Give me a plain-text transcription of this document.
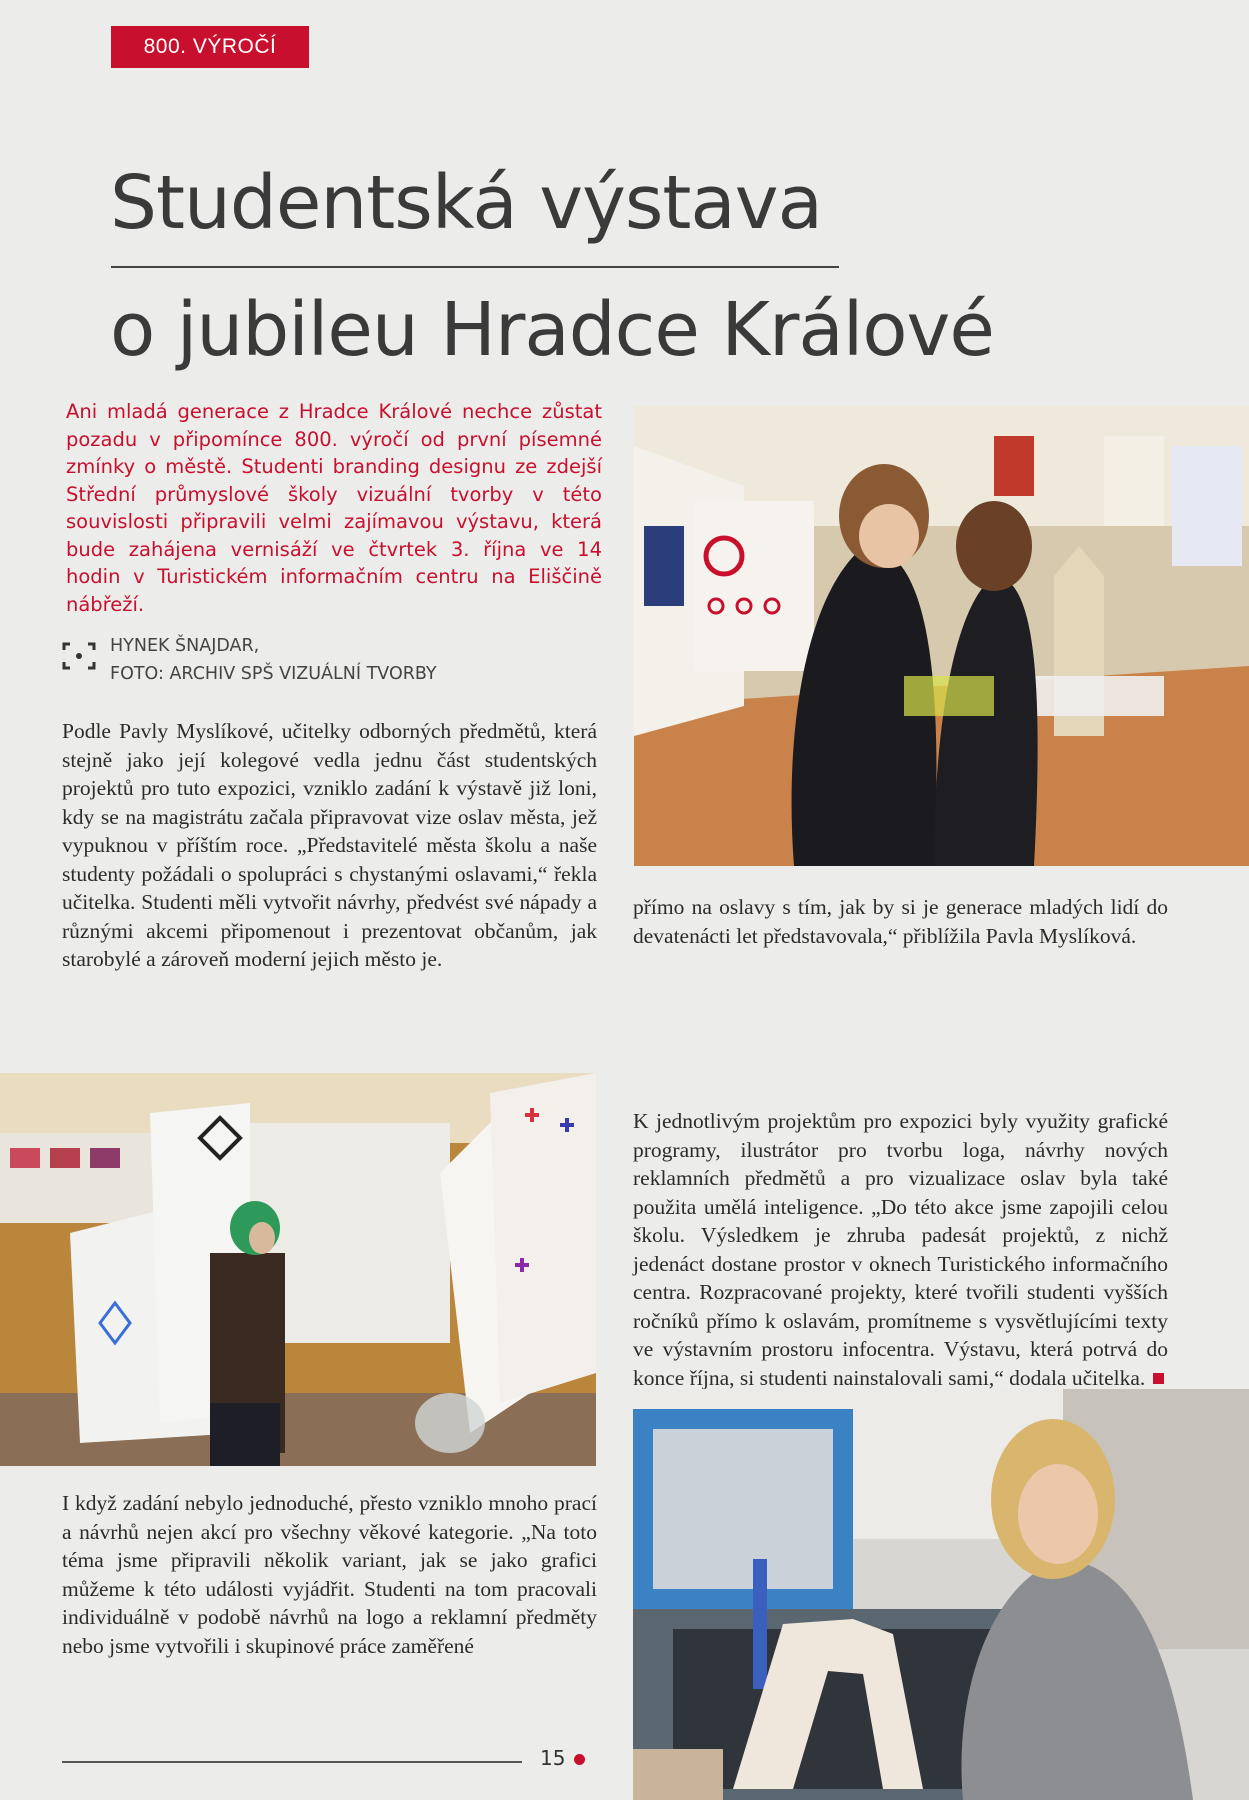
800. VÝROČÍ
Studentská výstava
o jubileu Hradce Králové

Ani mladá generace z Hradce Králové nechce zůstat pozadu v připomínce 800. výročí od první písemné zmínky o městě. Studenti branding designu ze zdejší Střední průmyslové školy vizuální tvorby v této souvislosti připravili velmi zajímavou výstavu, která bude zahájena vernisáží ve čtvrtek 3. října ve 14 hodin v Turistickém informačním centru na Eliščině nábřeží.

HYNEK ŠNAJDAR,
FOTO: ARCHIV SPŠ VIZUÁLNÍ TVORBY

Podle Pavly Myslíkové, učitelky odborných předmětů, která stejně jako její kolegové vedla jednu část studentských projektů pro tuto expozici, vzniklo zadání k výstavě již loni, kdy se na magistrátu začala připravovat vize oslav města, jež vypuknou v příštím roce. „Představitelé města školu a naše studenty požádali o spolupráci s chystanými oslavami,“ řekla učitelka. Studenti měli vytvořit návrhy, předvést své nápady a různými akcemi připomenout i prezentovat občanům, jak starobylé a zároveň moderní jejich město je.

přímo na oslavy s tím, jak by si je generace mladých lidí do devatenácti let představovala,“ přiblížila Pavla Myslíková.

K jednotlivým projektům pro expozici byly využity grafické programy, ilustrátor pro tvorbu loga, návrhy nových reklamních předmětů a pro vizualizace oslav byla také použita umělá inteligence. „Do této akce jsme zapojili celou školu. Výsledkem je zhruba padesát projektů, z nichž jedenáct dostane prostor v oknech Turistického informačního centra. Rozpracované projekty, které tvořili studenti vyšších ročníků přímo k oslavám, promítneme s vysvětlujícími texty ve výstavním prostoru infocentra. Výstavu, která potrvá do konce října, si studenti nainstalovali sami,“ dodala učitelka.

I když zadání nebylo jednoduché, přesto vzniklo mnoho prací a návrhů nejen akcí pro všechny věkové kategorie. „Na toto téma jsme připravili několik variant, jak se jako grafici můžeme k této události vyjádřit. Studenti na tom pracovali individuálně v podobě návrhů na logo a reklamní předměty nebo jsme vytvořili i skupinové práce zaměřené

15
